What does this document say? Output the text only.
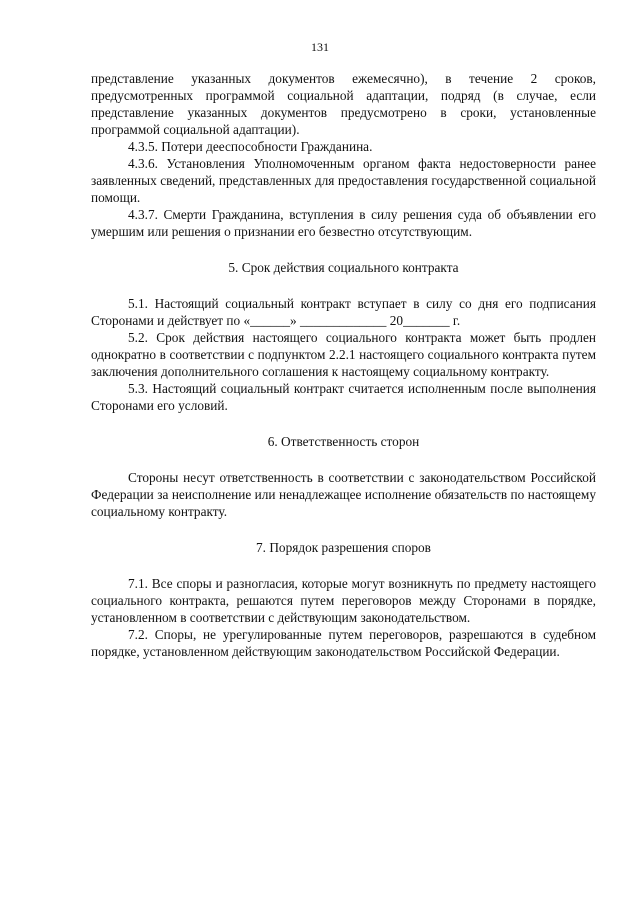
131

представление указанных документов ежемесячно), в течение 2 сроков, предусмотренных программой социальной адаптации, подряд (в случае, если представление указанных документов предусмотрено в сроки, установленные программой социальной адаптации).

4.3.5. Потери дееспособности Гражданина.

4.3.6. Установления Уполномоченным органом факта недостоверности ранее заявленных сведений, представленных для предоставления государственной социальной помощи.

4.3.7. Смерти Гражданина, вступления в силу решения суда об объявлении его умершим или решения о признании его безвестно отсутствующим.

5. Срок действия социального контракта

5.1. Настоящий социальный контракт вступает в силу со дня его подписания Сторонами и действует по «______» _____________ 20_______ г.

5.2. Срок действия настоящего социального контракта может быть продлен однократно в соответствии с подпунктом 2.2.1 настоящего социального контракта путем заключения дополнительного соглашения к настоящему социальному контракту.

5.3. Настоящий социальный контракт считается исполненным после выполнения Сторонами его условий.

6. Ответственность сторон

Стороны несут ответственность в соответствии с законодательством Российской Федерации за неисполнение или ненадлежащее исполнение обязательств по настоящему социальному контракту.

7. Порядок разрешения споров

7.1. Все споры и разногласия, которые могут возникнуть по предмету настоящего социального контракта, решаются путем переговоров между Сторонами в порядке, установленном в соответствии с действующим законодательством.

7.2. Споры, не урегулированные путем переговоров, разрешаются в судебном порядке, установленном действующим законодательством Российской Федерации.
